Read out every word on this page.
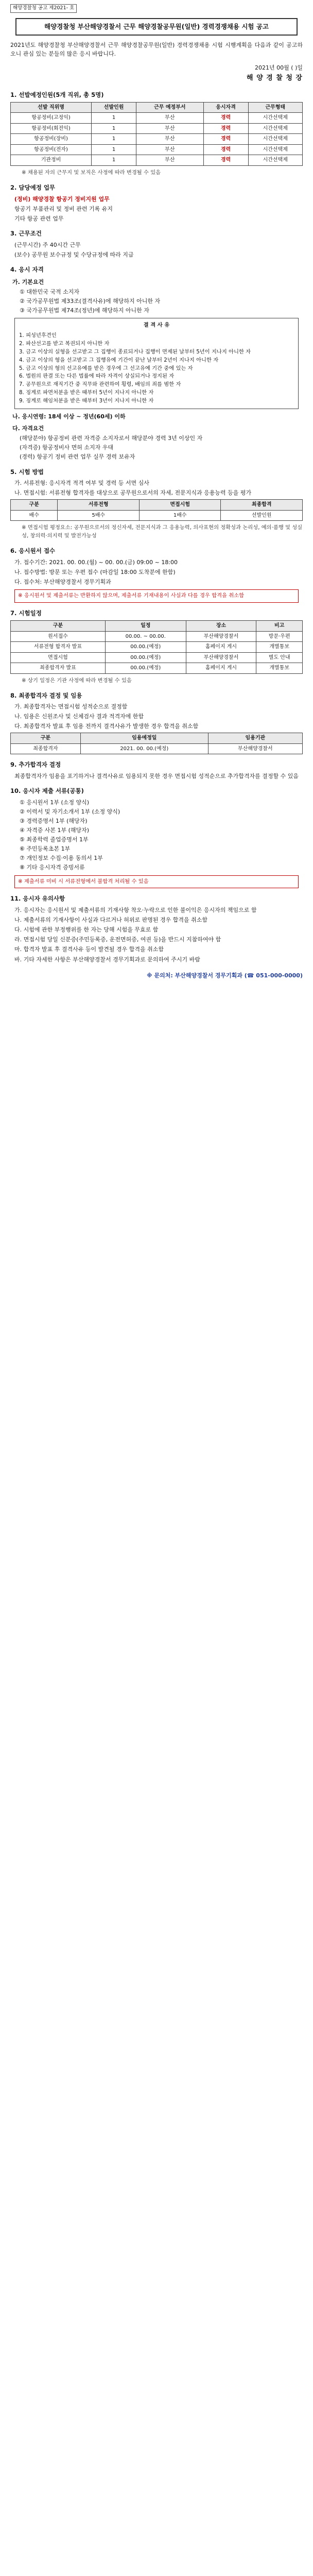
해양경찰청 공고 제2021- 호
해양경찰청 부산해양경찰서 근무 해양경찰공무원(일반) 경력경쟁채용 시험 공고

2021년도 해양경찰청 부산해양경찰서 근무 해양경찰공무원(일반) 경력경쟁채용 시험 시행계획을 다음과 같이 공고하오니 관심 있는 분들의 많은 응시 바랍니다.

2021년 00월 ( )일
해 양 경 찰 청 장
1. 선발예정인원(5개 직위, 총 5명)
선발 직위명	선발인원	근무 예정부서	응시자격	근무형태
항공정비(고정익)	1	부산	경력	시간선택제
항공정비(회전익)	1	부산	경력	시간선택제
항공정비(장비)	1	부산	경력	시간선택제
항공정비(전자)	1	부산	경력	시간선택제
기관정비	1	부산	경력	시간선택제
※ 채용된 자의 근무지 및 보직은 사정에 따라 변경될 수 있음
2. 담당예정 업무
(정비) 해양경찰 항공기 정비지원 업무
항공기 부품관리 및 정비 관련 기록 유지
기타 항공 관련 업무
3. 근무조건
(근무시간) 주 40시간 근무
(보수) 공무원 보수규정 및 수당규정에 따라 지급
4. 응시 자격
가. 기본요건
① 대한민국 국적 소지자
② 국가공무원법 제33조(결격사유)에 해당하지 아니한 자
③ 국가공무원법 제74조(정년)에 해당하지 아니한 자
결 격 사 유
1. 피성년후견인
2. 파산선고를 받고 복권되지 아니한 자
3. 금고 이상의 실형을 선고받고 그 집행이 종료되거나 집행이 면제된 날부터 5년이 지나지 아니한 자
4. 금고 이상의 형을 선고받고 그 집행유예 기간이 끝난 날부터 2년이 지나지 아니한 자
5. 금고 이상의 형의 선고유예를 받은 경우에 그 선고유예 기간 중에 있는 자
6. 법원의 판결 또는 다른 법률에 따라 자격이 상실되거나 정지된 자
7. 공무원으로 재직기간 중 직무와 관련하여 횡령, 배임의 죄를 범한 자
8. 징계로 파면처분을 받은 때부터 5년이 지나지 아니한 자
9. 징계로 해임처분을 받은 때부터 3년이 지나지 아니한 자
나. 응시연령: 18세 이상 ~ 정년(60세) 이하
다. 자격요건
(해당분야) 항공정비 관련 자격증 소지자로서 해당분야 경력 3년 이상인 자
(자격증) 항공정비사 면허 소지자 우대
(경력) 항공기 정비 관련 업무 실무 경력 보유자
5. 시험 방법
가. 서류전형: 응시자격 적격 여부 및 경력 등 서면 심사
나. 면접시험: 서류전형 합격자를 대상으로 공무원으로서의 자세, 전문지식과 응용능력 등을 평가
구분	서류전형	면접시험	최종합격
배수	5배수	1배수	선발인원
※ 면접시험 평정요소: 공무원으로서의 정신자세, 전문지식과 그 응용능력, 의사표현의 정확성과 논리성, 예의·품행 및 성실성, 창의력·의지력 및 발전가능성
6. 응시원서 접수
가. 접수기간: 2021. 00. 00.(월) ~ 00. 00.(금) 09:00 ~ 18:00
나. 접수방법: 방문 또는 우편 접수 (마감일 18:00 도착분에 한함)
다. 접수처: 부산해양경찰서 경무기획과
※ 응시원서 및 제출서류는 반환하지 않으며, 제출서류 기재내용이 사실과 다를 경우 합격을 취소함
7. 시험일정
구분	일정	장소	비고
원서접수	00.00. ~ 00.00.	부산해양경찰서	방문·우편
서류전형 합격자 발표	00.00.(예정)	홈페이지 게시	개별통보
면접시험	00.00.(예정)	부산해양경찰서	별도 안내
최종합격자 발표	00.00.(예정)	홈페이지 게시	개별통보
※ 상기 일정은 기관 사정에 따라 변경될 수 있음
8. 최종합격자 결정 및 임용
가. 최종합격자는 면접시험 성적순으로 결정함
나. 임용은 신원조사 및 신체검사 결과 적격자에 한함
다. 최종합격자 발표 후 임용 전까지 결격사유가 발생한 경우 합격을 취소함
구분	임용예정일	임용기관
최종합격자	2021. 00. 00.(예정)	부산해양경찰서
9. 추가합격자 결정
최종합격자가 임용을 포기하거나 결격사유로 임용되지 못한 경우 면접시험 성적순으로 추가합격자를 결정할 수 있음
10. 응시자 제출 서류(공통)
① 응시원서 1부 (소정 양식)
② 이력서 및 자기소개서 1부 (소정 양식)
③ 경력증명서 1부 (해당자)
④ 자격증 사본 1부 (해당자)
⑤ 최종학력 졸업증명서 1부
⑥ 주민등록초본 1부
⑦ 개인정보 수집·이용 동의서 1부
⑧ 기타 응시자격 증빙서류
※ 제출서류 미비 시 서류전형에서 불합격 처리될 수 있음
11. 응시자 유의사항
가. 응시자는 응시원서 및 제출서류의 기재사항 착오·누락으로 인한 불이익은 응시자의 책임으로 함
나. 제출서류의 기재사항이 사실과 다르거나 허위로 판명된 경우 합격을 취소함
다. 시험에 관한 부정행위를 한 자는 당해 시험을 무효로 함
라. 면접시험 당일 신분증(주민등록증, 운전면허증, 여권 등)을 반드시 지참하여야 함
마. 합격자 발표 후 결격사유 등이 발견될 경우 합격을 취소함
바. 기타 자세한 사항은 부산해양경찰서 경무기획과로 문의하여 주시기 바람
※ 문의처: 부산해양경찰서 경무기획과 (☎ 051-000-0000)
